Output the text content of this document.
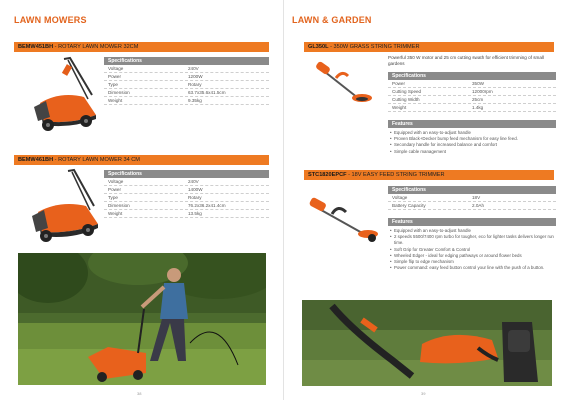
LAWN MOWERS
BEMW451BH - ROTARY LAWN MOWER 32CM
Specifications
Voltage	240V
Power	1200W
Type	Rotary
Dimension	63.7x35.6x41.5cm
Weight	9.35kg
BEMW461BH - ROTARY LAWN MOWER 34 CM
Specifications
Voltage	240V
Power	1400W
Type	Rotary
Dimension	76.2x36.2x41.4cm
Weight	13.5kg
38
LAWN & GARDEN
GL350L - 350W GRASS STRING TRIMMER
Powerful 350 W motor and 25 cm cutting swath for efficient trimming of small gardens
Specifications
Power	350W
Cutting Speed	12000rpm
Cutting Width	25cm
Weight	1.4kg
Features
• Equipped with an easy-to-adjust handle
• Proven Black+Decker bump feed mechanism for easy line feed.
• Secondary handle for increased balance and comfort
• Simple cable management
STC1820EPCF - 18V EASY FEED STRING TRIMMER
Specifications
Voltage	18V
Battery Capacity	2.0Ah
Features
• Equipped with an easy-to-adjust handle
• 2 speeds 5500/7400 rpm turbo for tougher, eco for lighter tasks delivers longer run time.
• Soft Grip for Greater Comfort & Control
• Wheeled Edger - ideal for edging pathways or around flower beds
• Simple flip to edge mechanism
• Power command: easy feed button control your line with the push of a button.
39
